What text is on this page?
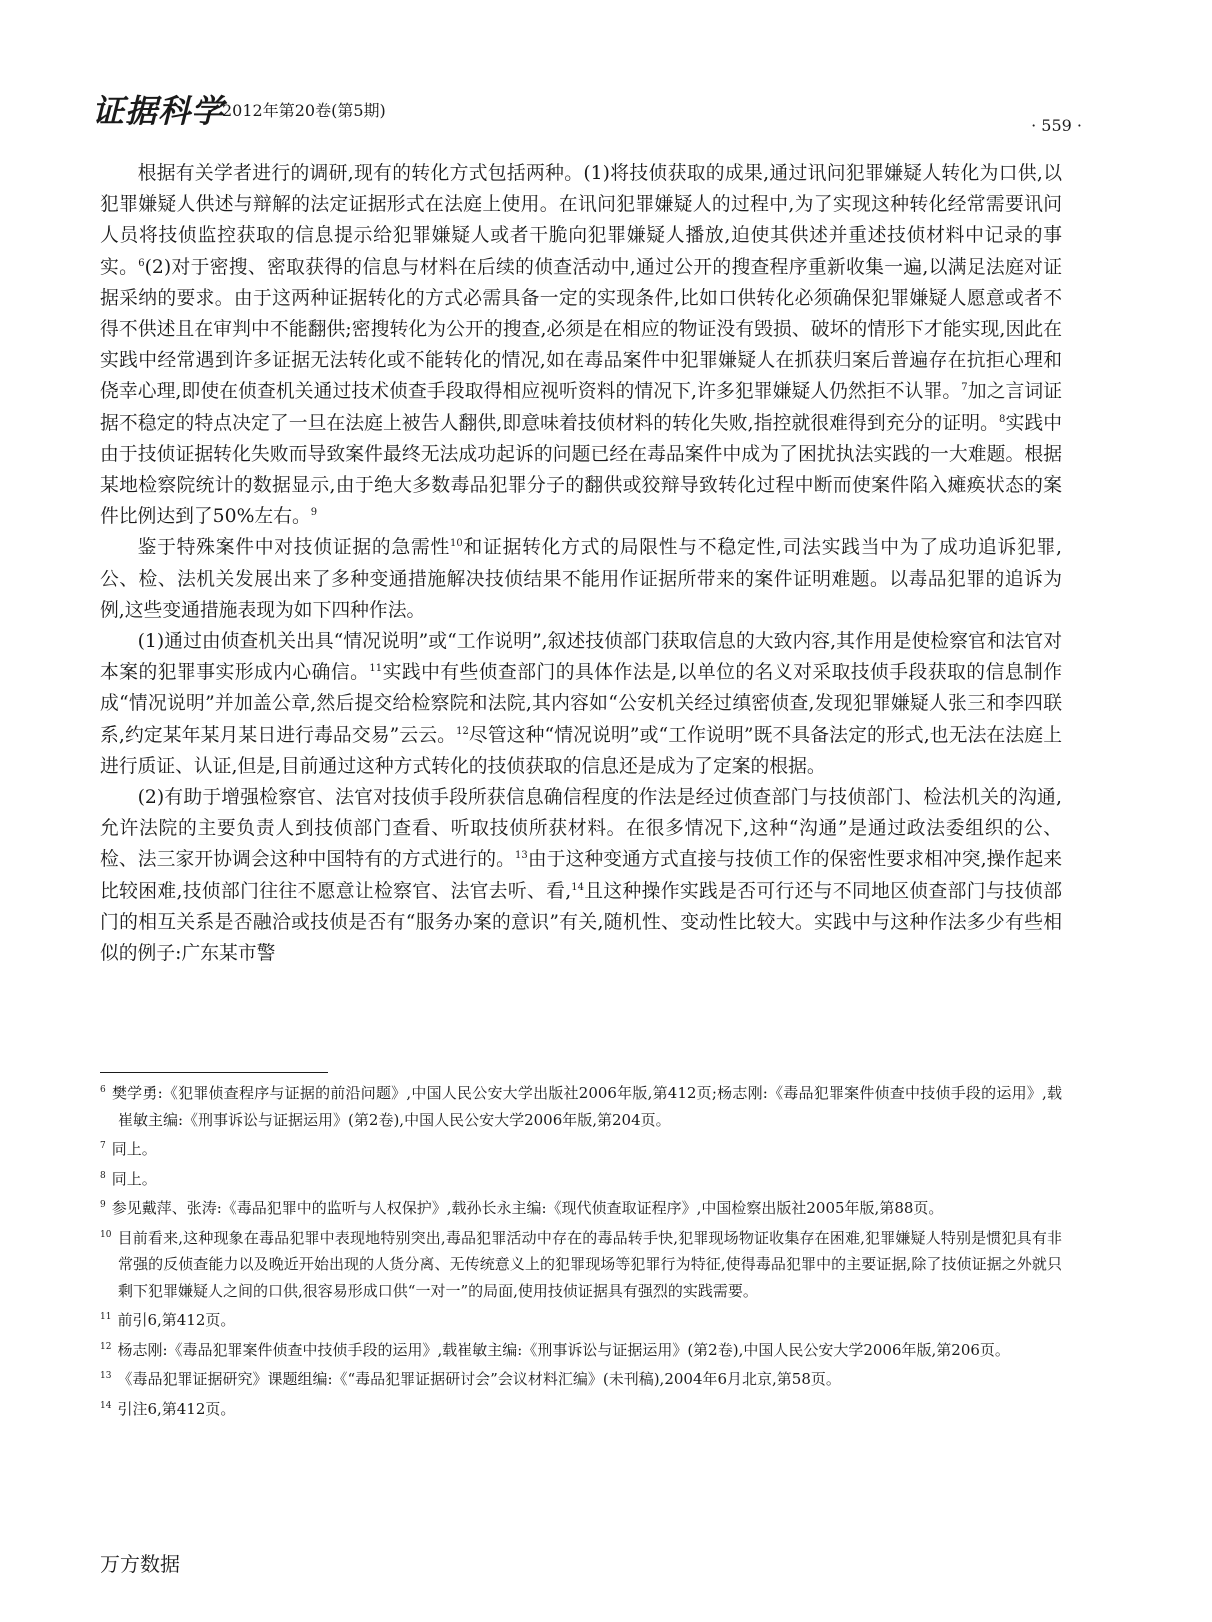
证据科学
2012年第20卷(第5期)
· 559 ·

根据有关学者进行的调研,现有的转化方式包括两种。(1)将技侦获取的成果,通过讯问犯罪嫌疑人转化为口供,以犯罪嫌疑人供述与辩解的法定证据形式在法庭上使用。在讯问犯罪嫌疑人的过程中,为了实现这种转化经常需要讯问人员将技侦监控获取的信息提示给犯罪嫌疑人或者干脆向犯罪嫌疑人播放,迫使其供述并重述技侦材料中记录的事实。$^6$(2)对于密搜、密取获得的信息与材料在后续的侦查活动中,通过公开的搜查程序重新收集一遍,以满足法庭对证据采纳的要求。由于这两种证据转化的方式必需具备一定的实现条件,比如口供转化必须确保犯罪嫌疑人愿意或者不得不供述且在审判中不能翻供;密搜转化为公开的搜查,必须是在相应的物证没有毁损、破坏的情形下才能实现,因此在实践中经常遇到许多证据无法转化或不能转化的情况,如在毒品案件中犯罪嫌疑人在抓获归案后普遍存在抗拒心理和侥幸心理,即使在侦查机关通过技术侦查手段取得相应视听资料的情况下,许多犯罪嫌疑人仍然拒不认罪。$^7$加之言词证据不稳定的特点决定了一旦在法庭上被告人翻供,即意味着技侦材料的转化失败,指控就很难得到充分的证明。$^8$实践中由于技侦证据转化失败而导致案件最终无法成功起诉的问题已经在毒品案件中成为了困扰执法实践的一大难题。根据某地检察院统计的数据显示,由于绝大多数毒品犯罪分子的翻供或狡辩导致转化过程中断而使案件陷入瘫痪状态的案件比例达到了50%左右。$^9$

鉴于特殊案件中对技侦证据的急需性$^{10}$和证据转化方式的局限性与不稳定性,司法实践当中为了成功追诉犯罪,公、检、法机关发展出来了多种变通措施解决技侦结果不能用作证据所带来的案件证明难题。以毒品犯罪的追诉为例,这些变通措施表现为如下四种作法。

(1)通过由侦查机关出具“情况说明”或“工作说明”,叙述技侦部门获取信息的大致内容,其作用是使检察官和法官对本案的犯罪事实形成内心确信。$^{11}$实践中有些侦查部门的具体作法是,以单位的名义对采取技侦手段获取的信息制作成“情况说明”并加盖公章,然后提交给检察院和法院,其内容如“公安机关经过缜密侦查,发现犯罪嫌疑人张三和李四联系,约定某年某月某日进行毒品交易”云云。$^{12}$尽管这种“情况说明”或“工作说明”既不具备法定的形式,也无法在法庭上进行质证、认证,但是,目前通过这种方式转化的技侦获取的信息还是成为了定案的根据。

(2)有助于增强检察官、法官对技侦手段所获信息确信程度的作法是经过侦查部门与技侦部门、检法机关的沟通,允许法院的主要负责人到技侦部门查看、听取技侦所获材料。在很多情况下,这种“沟通”是通过政法委组织的公、检、法三家开协调会这种中国特有的方式进行的。$^{13}$由于这种变通方式直接与技侦工作的保密性要求相冲突,操作起来比较困难,技侦部门往往不愿意让检察官、法官去听、看,$^{14}$且这种操作实践是否可行还与不同地区侦查部门与技侦部门的相互关系是否融洽或技侦是否有“服务办案的意识”有关,随机性、变动性比较大。实践中与这种作法多少有些相似的例子:广东某市警

$^6$ 樊学勇:《犯罪侦查程序与证据的前沿问题》,中国人民公安大学出版社2006年版,第412页;杨志刚:《毒品犯罪案件侦查中技侦手段的运用》,载崔敏主编:《刑事诉讼与证据运用》(第2卷),中国人民公安大学2006年版,第204页。

$^7$ 同上。

$^8$ 同上。

$^9$ 参见戴萍、张涛:《毒品犯罪中的监听与人权保护》,载孙长永主编:《现代侦查取证程序》,中国检察出版社2005年版,第88页。

$^{10}$ 目前看来,这种现象在毒品犯罪中表现地特别突出,毒品犯罪活动中存在的毒品转手快,犯罪现场物证收集存在困难,犯罪嫌疑人特别是惯犯具有非常强的反侦查能力以及晚近开始出现的人货分离、无传统意义上的犯罪现场等犯罪行为特征,使得毒品犯罪中的主要证据,除了技侦证据之外就只剩下犯罪嫌疑人之间的口供,很容易形成口供“一对一”的局面,使用技侦证据具有强烈的实践需要。

$^{11}$ 前引6,第412页。

$^{12}$ 杨志刚:《毒品犯罪案件侦查中技侦手段的运用》,载崔敏主编:《刑事诉讼与证据运用》(第2卷),中国人民公安大学2006年版,第206页。

$^{13}$ 《毒品犯罪证据研究》课题组编:《“毒品犯罪证据研讨会”会议材料汇编》(未刊稿),2004年6月北京,第58页。

$^{14}$ 引注6,第412页。

万方数据
